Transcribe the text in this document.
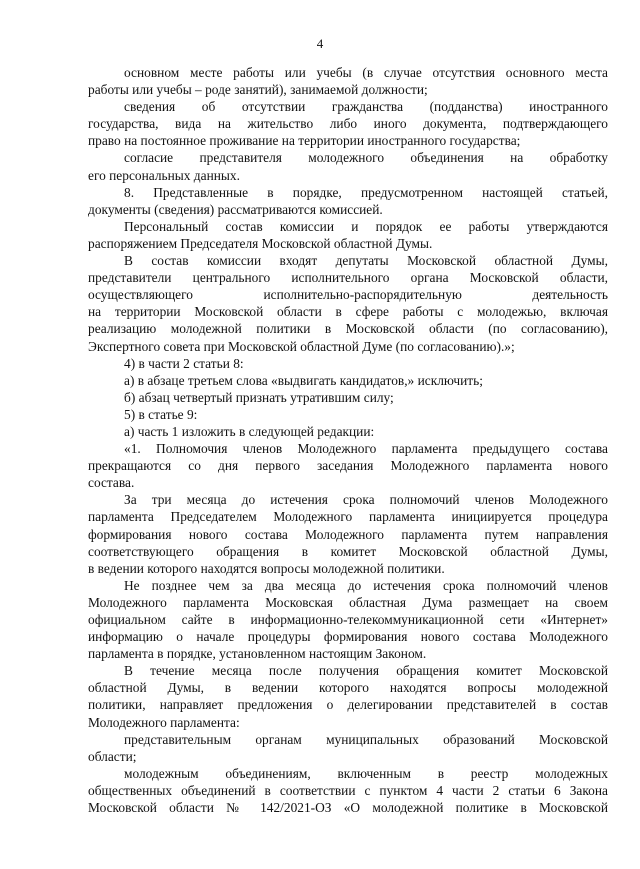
4
основном месте работы или учебы (в случае отсутствия основного места
работы или учебы – роде занятий), занимаемой должности;
сведения об отсутствии гражданства (подданства) иностранного
государства, вида на жительство либо иного документа, подтверждающего
право на постоянное проживание на территории иностранного государства;
согласие представителя молодежного объединения на обработку
его персональных данных.
8. Представленные в порядке, предусмотренном настоящей статьей,
документы (сведения) рассматриваются комиссией.
Персональный состав комиссии и порядок ее работы утверждаются
распоряжением Председателя Московской областной Думы.
В состав комиссии входят депутаты Московской областной Думы,
представители центрального исполнительного органа Московской области,
осуществляющего исполнительно-распорядительную деятельность
на территории Московской области в сфере работы с молодежью, включая
реализацию молодежной политики в Московской области (по согласованию),
Экспертного совета при Московской областной Думе (по согласованию).»;
4) в части 2 статьи 8:
а) в абзаце третьем слова «выдвигать кандидатов,» исключить;
б) абзац четвертый признать утратившим силу;
5) в статье 9:
а) часть 1 изложить в следующей редакции:
«1. Полномочия членов Молодежного парламента предыдущего состава
прекращаются со дня первого заседания Молодежного парламента нового
состава.
За три месяца до истечения срока полномочий членов Молодежного
парламента Председателем Молодежного парламента инициируется процедура
формирования нового состава Молодежного парламента путем направления
соответствующего обращения в комитет Московской областной Думы,
в ведении которого находятся вопросы молодежной политики.
Не позднее чем за два месяца до истечения срока полномочий членов
Молодежного парламента Московская областная Дума размещает на своем
официальном сайте в информационно-телекоммуникационной сети «Интернет»
информацию о начале процедуры формирования нового состава Молодежного
парламента в порядке, установленном настоящим Законом.
В течение месяца после получения обращения комитет Московской
областной Думы, в ведении которого находятся вопросы молодежной
политики, направляет предложения о делегировании представителей в состав
Молодежного парламента:
представительным органам муниципальных образований Московской
области;
молодежным объединениям, включенным в реестр молодежных
общественных объединений в соответствии с пунктом 4 части 2 статьи 6 Закона
Московской области № 142/2021-ОЗ «О молодежной политике в Московской
